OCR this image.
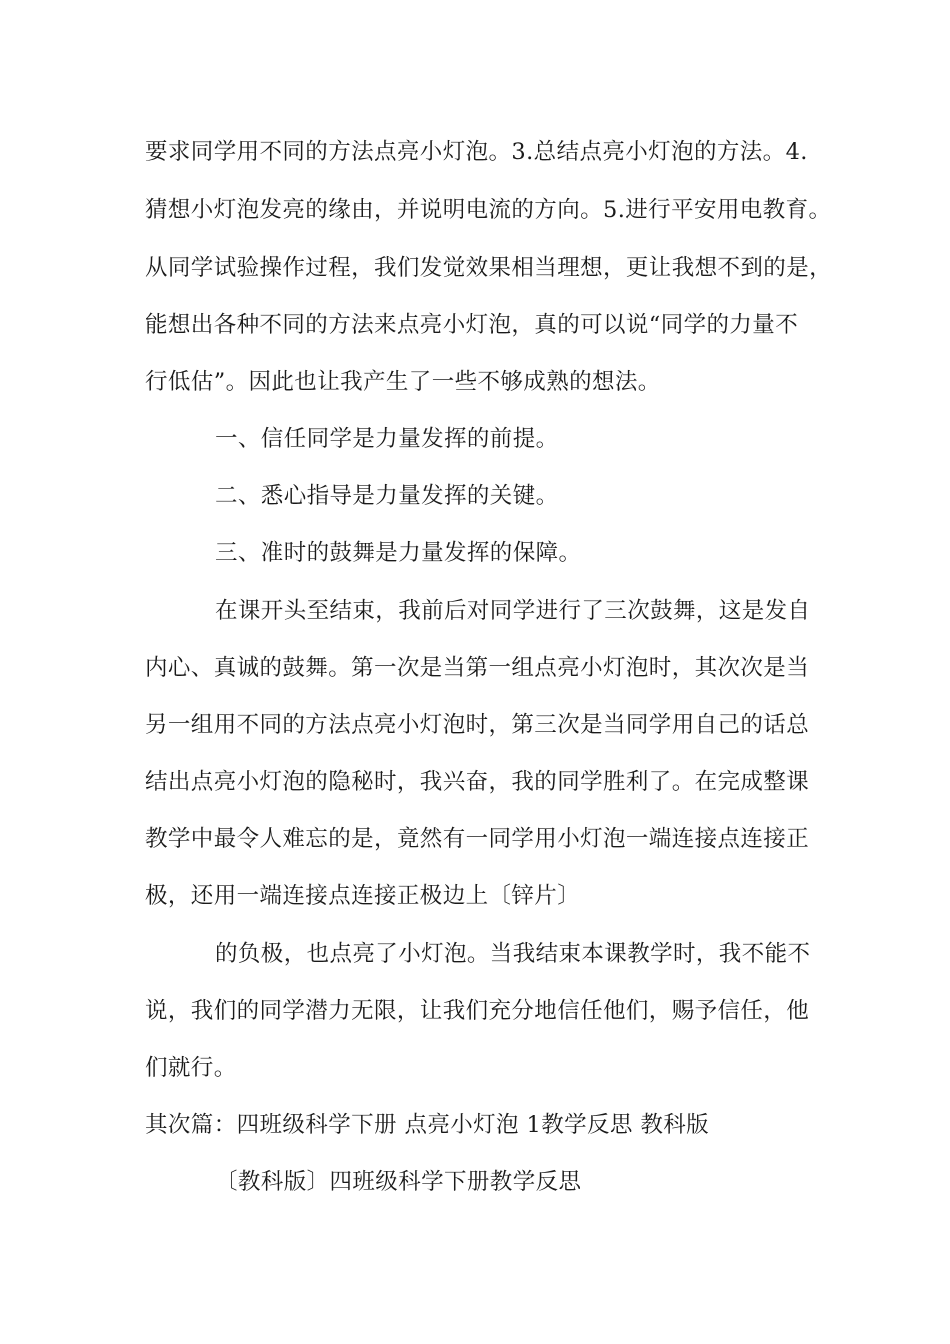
要求同学用不同的方法点亮小灯泡。3.总结点亮小灯泡的方法。4.
猜想小灯泡发亮的缘由，并说明电流的方向。5.进行平安用电教育。
从同学试验操作过程，我们发觉效果相当理想，更让我想不到的是，
能想出各种不同的方法来点亮小灯泡，真的可以说“同学的力量不
行低估”。因此也让我产生了一些不够成熟的想法。
一、信任同学是力量发挥的前提。
二、悉心指导是力量发挥的关键。
三、准时的鼓舞是力量发挥的保障。
在课开头至结束，我前后对同学进行了三次鼓舞，这是发自
内心、真诚的鼓舞。第一次是当第一组点亮小灯泡时，其次次是当
另一组用不同的方法点亮小灯泡时，第三次是当同学用自己的话总
结出点亮小灯泡的隐秘时，我兴奋，我的同学胜利了。在完成整课
教学中最令人难忘的是，竟然有一同学用小灯泡一端连接点连接正
极，还用一端连接点连接正极边上〔锌片〕
的负极，也点亮了小灯泡。当我结束本课教学时，我不能不
说，我们的同学潜力无限，让我们充分地信任他们，赐予信任，他
们就行。
其次篇：四班级科学下册 点亮小灯泡 1教学反思 教科版
〔教科版〕四班级科学下册教学反思
